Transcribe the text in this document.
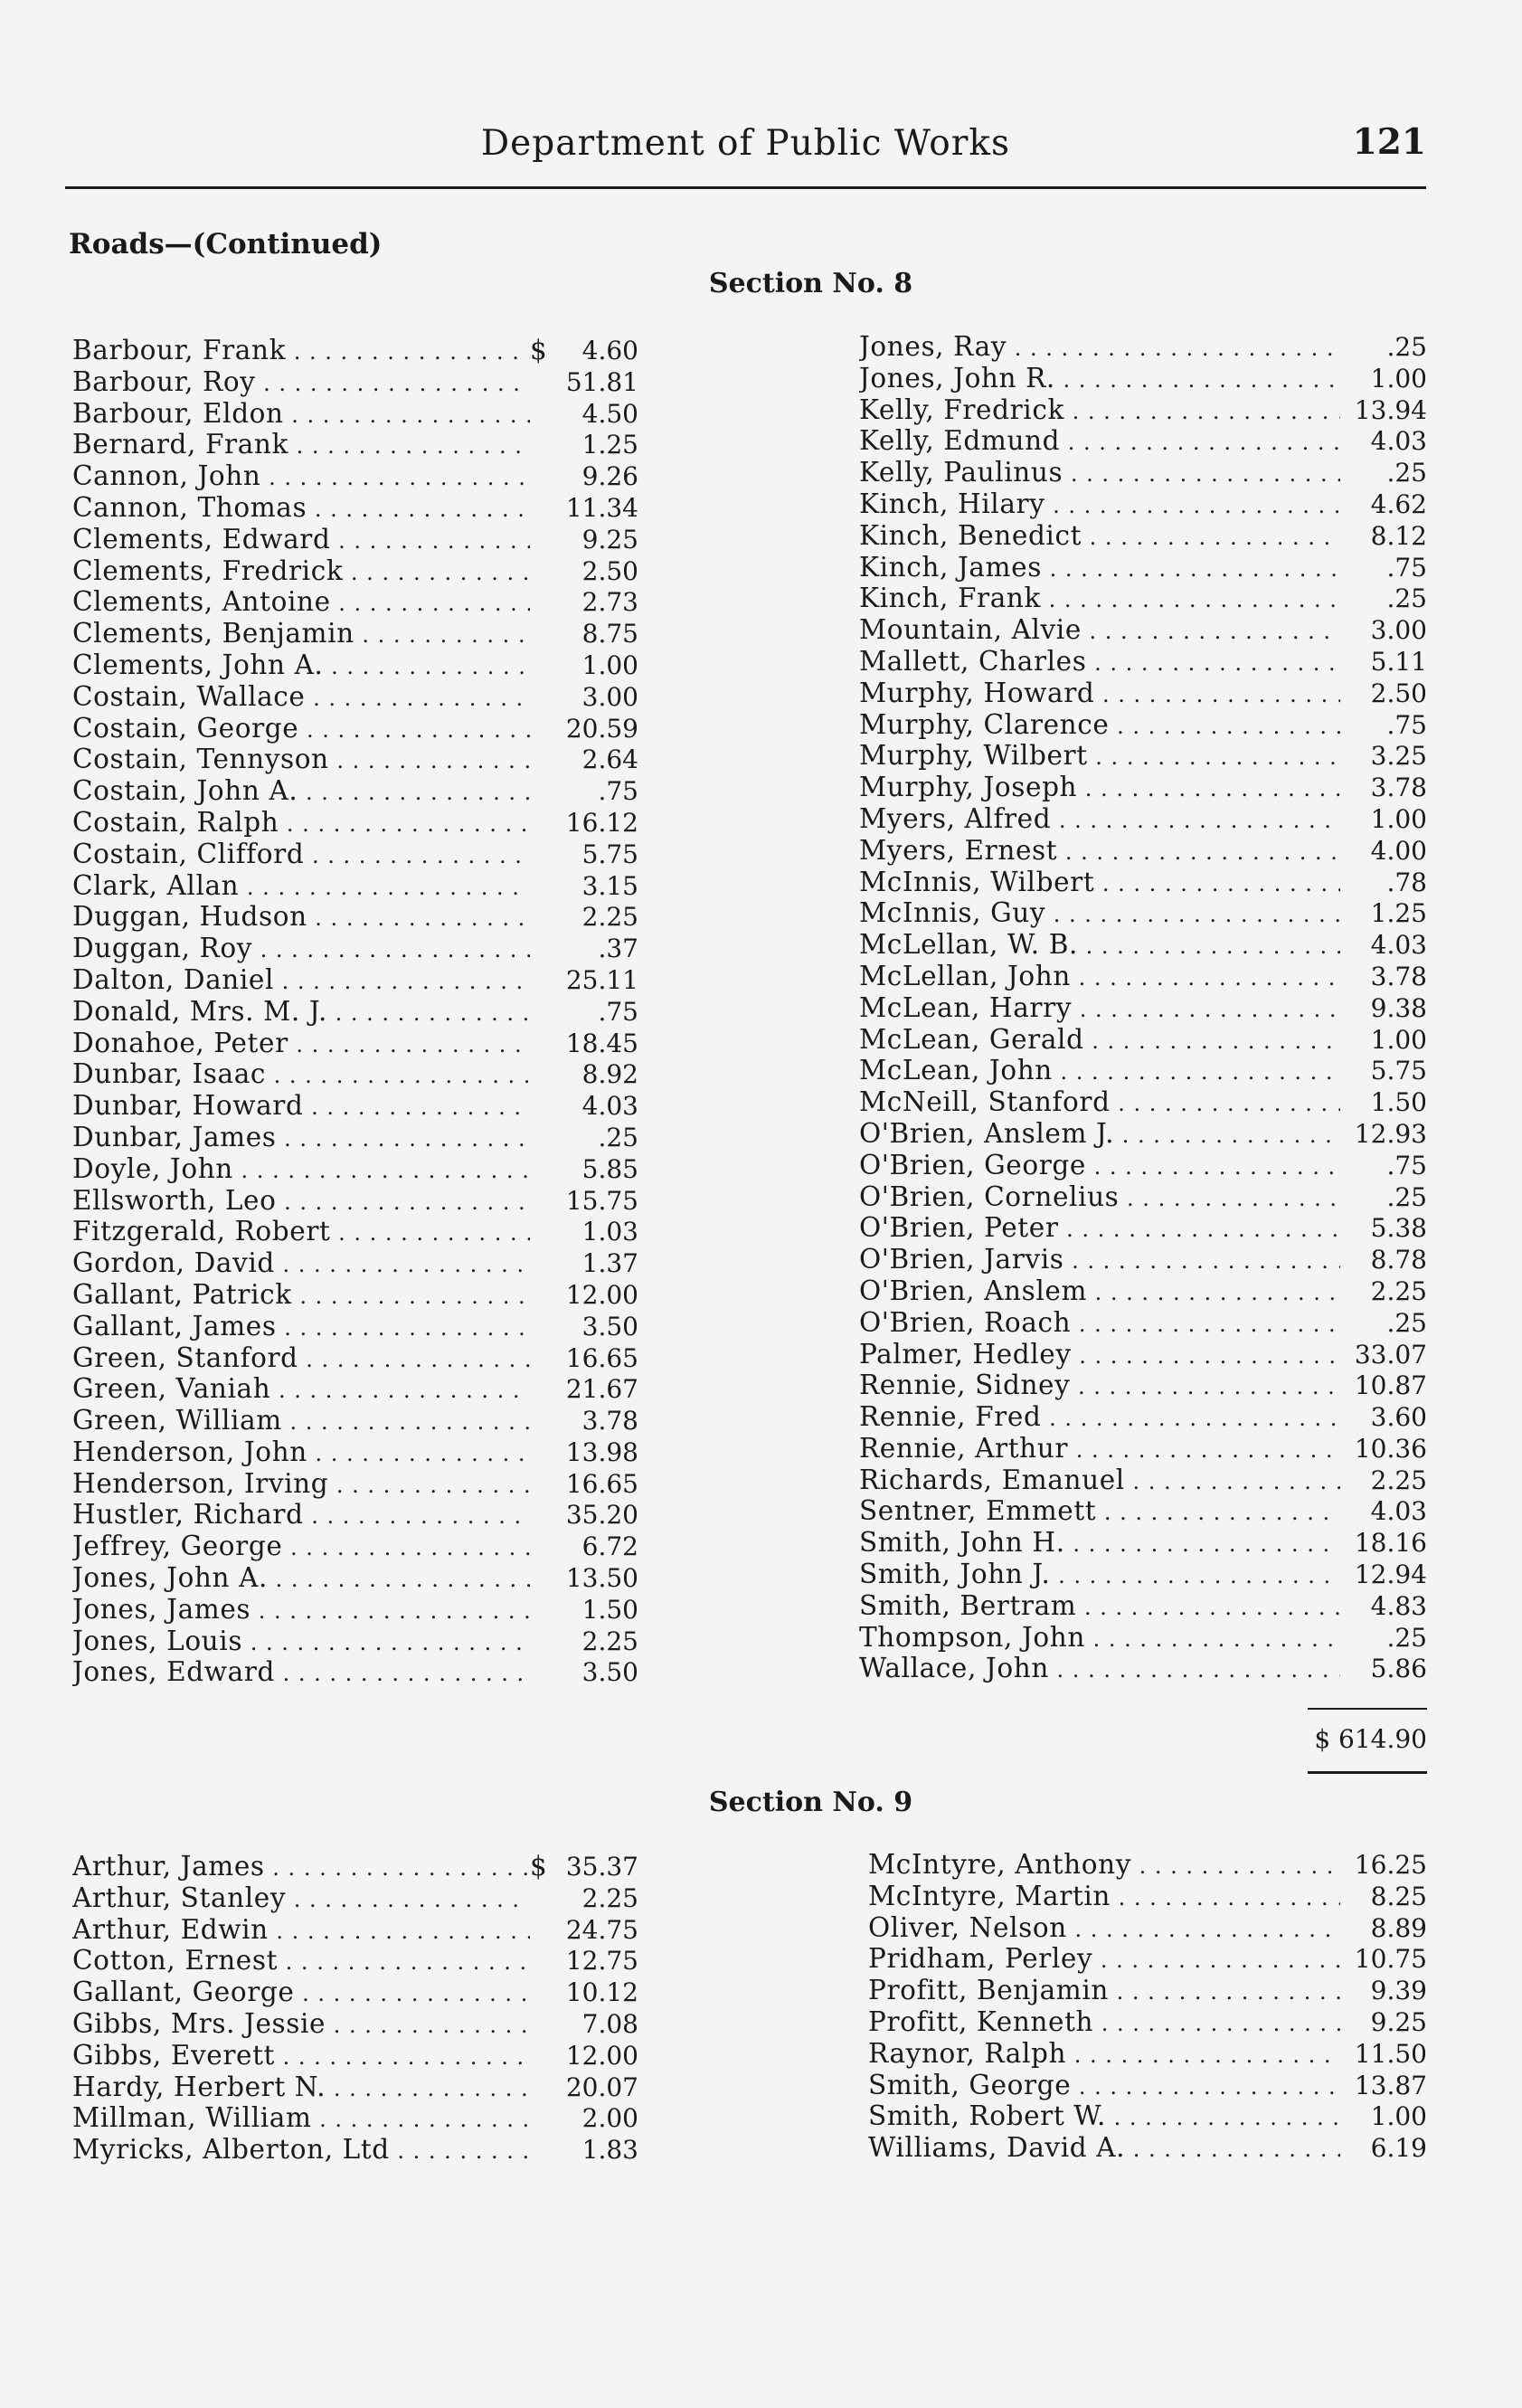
Department of Public Works	121
Roads—(Continued)
Section No. 8
Barbour, Frank . . .	$	4.60
Barbour, Roy . . .	51.81
Barbour, Eldon . . .	4.50
Bernard, Frank . . .	1.25
Cannon, John . . .	9.26
Cannon, Thomas . . .	11.34
Clements, Edward . . .	9.25
Clements, Fredrick . . .	2.50
Clements, Antoine . . .	2.73
Clements, Benjamin . . .	8.75
Clements, John A. . . .	1.00
Costain, Wallace . . .	3.00
Costain, George . . .	20.59
Costain, Tennyson . . .	2.64
Costain, John A. . . .	.75
Costain, Ralph . . .	16.12
Costain, Clifford . . .	5.75
Clark, Allan . . .	3.15
Duggan, Hudson . . .	2.25
Duggan, Roy . . .	.37
Dalton, Daniel . . .	25.11
Donald, Mrs. M. J. . . .	.75
Donahoe, Peter . . .	18.45
Dunbar, Isaac . . .	8.92
Dunbar, Howard . . .	4.03
Dunbar, James . . .	.25
Doyle, John . . .	5.85
Ellsworth, Leo . . .	15.75
Fitzgerald, Robert . . .	1.03
Gordon, David . . .	1.37
Gallant, Patrick . . .	12.00
Gallant, James . . .	3.50
Green, Stanford . . .	16.65
Green, Vaniah . . .	21.67
Green, William . . .	3.78
Henderson, John . . .	13.98
Henderson, Irving . . .	16.65
Hustler, Richard . . .	35.20
Jeffrey, George . . .	6.72
Jones, John A. . . .	13.50
Jones, James . . .	1.50
Jones, Louis . . .	2.25
Jones, Edward . . .	3.50
Jones, Ray . . .	.25
Jones, John R. . . .	1.00
Kelly, Fredrick . . .	13.94
Kelly, Edmund . . .	4.03
Kelly, Paulinus . . .	.25
Kinch, Hilary . . .	4.62
Kinch, Benedict . . .	8.12
Kinch, James . . .	.75
Kinch, Frank . . .	.25
Mountain, Alvie . . .	3.00
Mallett, Charles . . .	5.11
Murphy, Howard . . .	2.50
Murphy, Clarence . . .	.75
Murphy, Wilbert . . .	3.25
Murphy, Joseph . . .	3.78
Myers, Alfred . . .	1.00
Myers, Ernest . . .	4.00
McInnis, Wilbert . . .	.78
McInnis, Guy . . .	1.25
McLellan, W. B. . . .	4.03
McLellan, John . . .	3.78
McLean, Harry . . .	9.38
McLean, Gerald . . .	1.00
McLean, John . . .	5.75
McNeill, Stanford . . .	1.50
O'Brien, Anslem J. . . .	12.93
O'Brien, George . . .	.75
O'Brien, Cornelius . . .	.25
O'Brien, Peter . . .	5.38
O'Brien, Jarvis . . .	8.78
O'Brien, Anslem . . .	2.25
O'Brien, Roach . . .	.25
Palmer, Hedley . . .	33.07
Rennie, Sidney . . .	10.87
Rennie, Fred . . .	3.60
Rennie, Arthur . . .	10.36
Richards, Emanuel . . .	2.25
Sentner, Emmett . . .	4.03
Smith, John H. . . .	18.16
Smith, John J. . . .	12.94
Smith, Bertram . . .	4.83
Thompson, John . . .	.25
Wallace, John . . .	5.86
$ 614.90
Section No. 9
Arthur, James . . .	$ 35.37
Arthur, Stanley . . .	2.25
Arthur, Edwin . . .	24.75
Cotton, Ernest . . .	12.75
Gallant, George . . .	10.12
Gibbs, Mrs. Jessie . . .	7.08
Gibbs, Everett . . .	12.00
Hardy, Herbert N. . . .	20.07
Millman, William . . .	2.00
Myricks, Alberton, Ltd . . .	1.83
McIntyre, Anthony . . .	16.25
McIntyre, Martin . . .	8.25
Oliver, Nelson . . .	8.89
Pridham, Perley . . .	10.75
Profitt, Benjamin . . .	9.39
Profitt, Kenneth . . .	9.25
Raynor, Ralph . . .	11.50
Smith, George . . .	13.87
Smith, Robert W. . . .	1.00
Williams, David A. . . .	6.19
